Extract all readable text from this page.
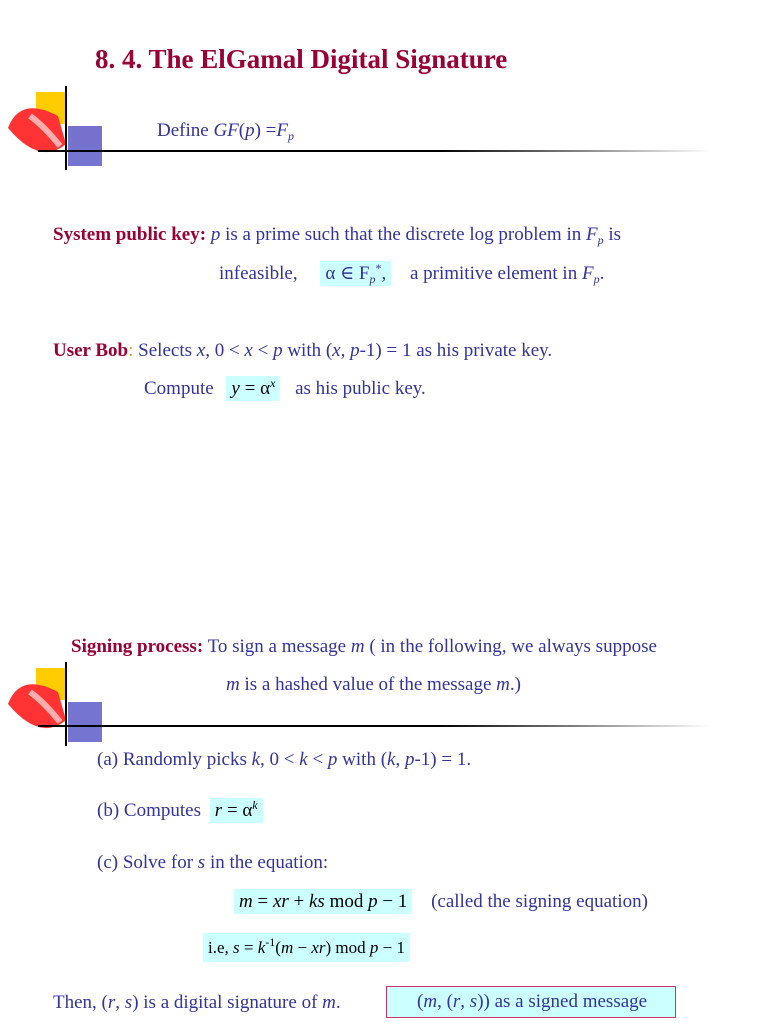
8. 4. The ElGamal Digital Signature
Define $GF(p) =F_p$
System public key: p is a prime such that the discrete log problem in $F_p$ is
infeasible, α ∈ $F_p^*$, a primitive element in $F_p$.
User Bob: Selects x, 0 < x < p with (x, p-1) = 1 as his private key.
Compute $y = \alpha^x$ as his public key.
Signing process: To sign a message m ( in the following, we always suppose
m is a hashed value of the message m.)
(a) Randomly picks k, 0 < k < p with (k, p-1) = 1.
(b) Computes $r = \alpha^k$
(c) Solve for s in the equation:
m = xr + ks mod p − 1 (called the signing equation)
i.e, $s = k^{-1}(m - xr)$ mod p − 1
Then, (r, s) is a digital signature of m.	(m, (r, s)) as a signed message
